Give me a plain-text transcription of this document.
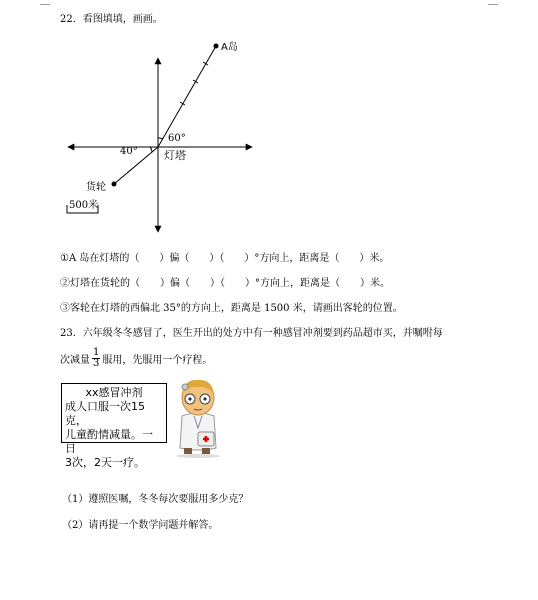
22．看图填填，画画。
A岛
60°
40° 灯塔
货轮
500米
①A 岛在灯塔的（　　）偏（　　）（　　）°方向上，距离是（　　）米。
②灯塔在货轮的（　　）偏（　　）（　　）°方向上，距离是（　　）米。
③客轮在灯塔的西偏北 35°的方向上，距离是 1500 米，请画出客轮的位置。
23．六年级冬冬感冒了，医生开出的处方中有一种感冒冲剂要到药品超市买，并嘱咐每
次减量 $\frac{1}{3}$ 服用，先服用一个疗程。
xx感冒冲剂
成人口服一次15克，
儿童酌情减量。一日
3次，2天一疗。
（1）遵照医嘱，冬冬每次要服用多少克？
（2）请再提一个数学问题并解答。
